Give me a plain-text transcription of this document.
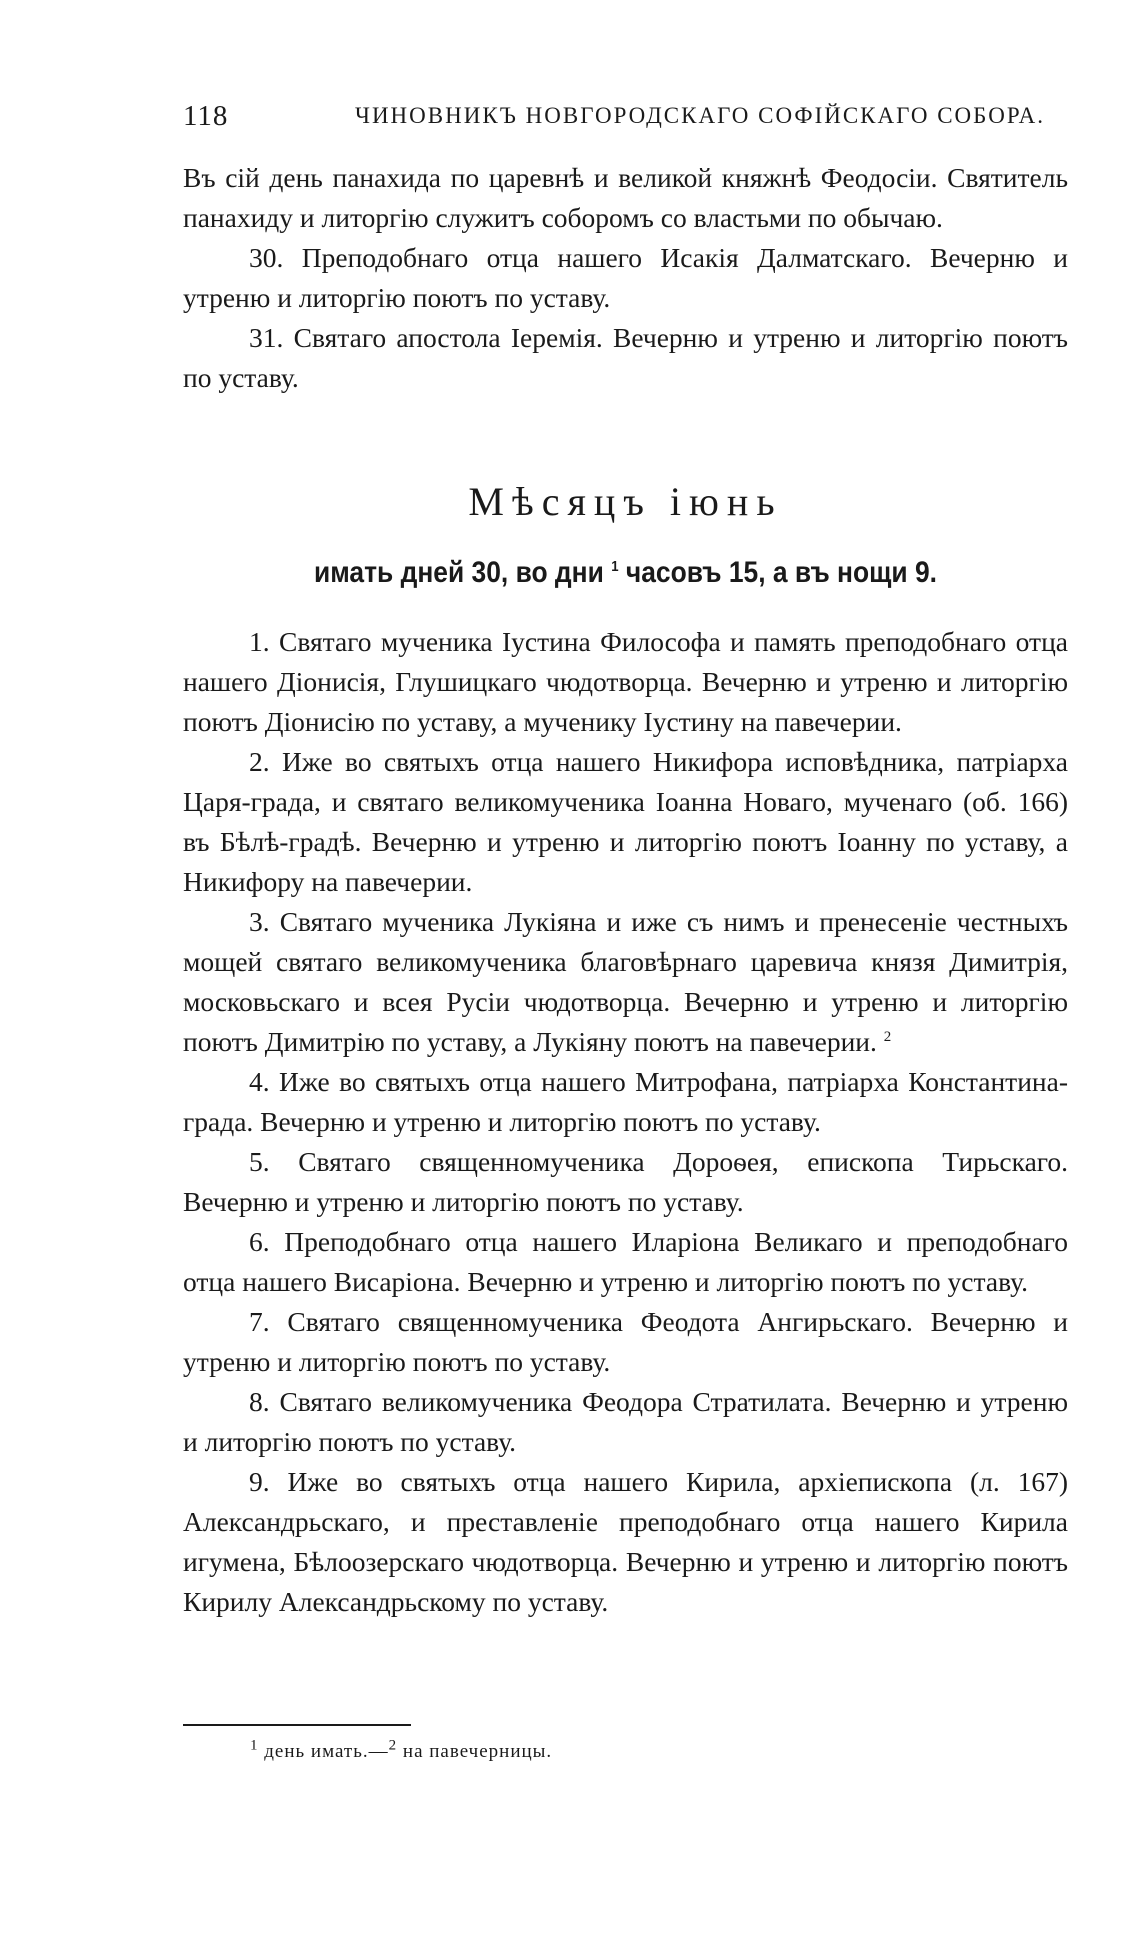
118	ЧИНОВНИКЪ НОВГОРОДСКАГО СОФІЙСКАГО СОБОРА.

Въ сій день панахида по царевнѣ и великой княжнѣ Феодосіи. Святитель панахиду и литоргію служитъ соборомъ со властьми по обычаю.

30. Преподобнаго отца нашего Исакія Далматскаго. Вечерню и утреню и литоргію поютъ по уставу.

31. Святаго апостола Іеремія. Вечерню и утреню и литоргію поютъ по уставу.

Мѣсяцъ іюнь
имать дней 30, во дни $^1$ часовъ 15, а въ нощи 9.

1. Святаго мученика Іустина Философа и память преподобнаго отца нашего Діонисія, Глушицкаго чюдотворца. Вечерню и утреню и литоргію поютъ Діонисію по уставу, а мученику Іустину на павечерии.

2. Иже во святыхъ отца нашего Никифора исповѣдника, патріарха Царя-града, и святаго великомученика Іоанна Новаго, мученаго (об. 166) въ Бѣлѣ-градѣ. Вечерню и утреню и литоргію поютъ Іоанну по уставу, а Никифору на павечерии.

3. Святаго мученика Лукіяна и иже съ нимъ и пренесеніе честныхъ мощей святаго великомученика благовѣрнаго царевича князя Димитрія, московьскаго и всея Русіи чюдотворца. Вечерню и утреню и литоргію поютъ Димитрію по уставу, а Лукіяну поютъ на павечерии. $^2$

4. Иже во святыхъ отца нашего Митрофана, патріарха Константина-града. Вечерню и утреню и литоргію поютъ по уставу.

5. Святаго священномученика Дороѳея, епископа Тирьскаго. Вечерню и утреню и литоргію поютъ по уставу.

6. Преподобнаго отца нашего Иларіона Великаго и преподобнаго отца нашего Висаріона. Вечерню и утреню и литоргію поютъ по уставу.

7. Святаго священномученика Феодота Ангирьскаго. Вечерню и утреню и литоргію поютъ по уставу.

8. Святаго великомученика Феодора Стратилата. Вечерню и утреню и литоргію поютъ по уставу.

9. Иже во святыхъ отца нашего Кирила, архіепископа (л. 167) Александрьскаго, и преставленіе преподобнаго отца нашего Кирила игумена, Бѣлоозерскаго чюдотворца. Вечерню и утреню и литоргію поютъ Кирилу Александрьскому по уставу.

$^1$ день имать.—$^2$ на павечерницы.
